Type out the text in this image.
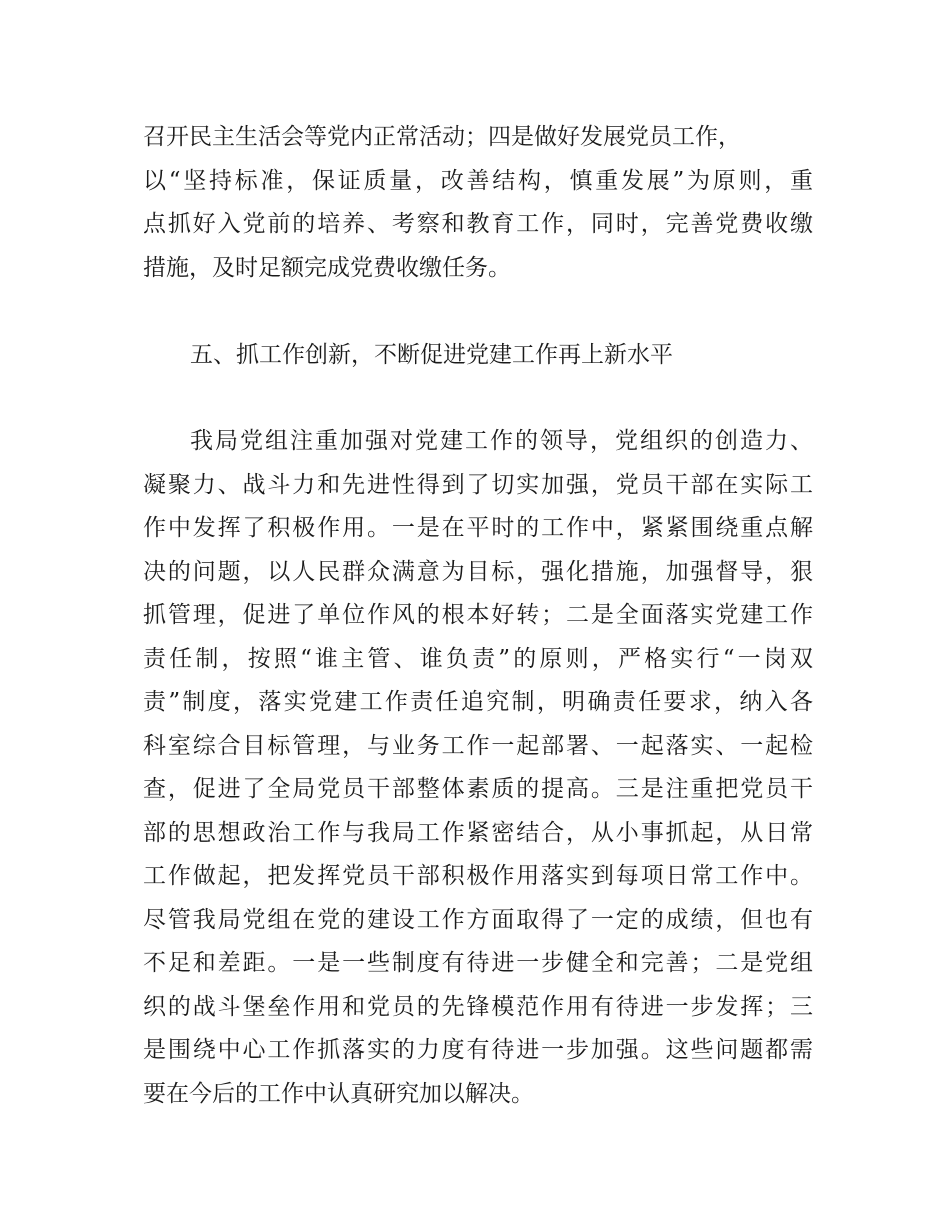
召开民主生活会等党内正常活动；四是做好发展党员工作，
以“坚持标准，保证质量，改善结构，慎重发展”为原则，重
点抓好入党前的培养、考察和教育工作，同时，完善党费收缴
措施，及时足额完成党费收缴任务。
五、抓工作创新，不断促进党建工作再上新水平
我局党组注重加强对党建工作的领导，党组织的创造力、
凝聚力、战斗力和先进性得到了切实加强，党员干部在实际工
作中发挥了积极作用。一是在平时的工作中，紧紧围绕重点解
决的问题，以人民群众满意为目标，强化措施，加强督导，狠
抓管理，促进了单位作风的根本好转；二是全面落实党建工作
责任制，按照“谁主管、谁负责”的原则，严格实行“一岗双
责”制度，落实党建工作责任追究制，明确责任要求，纳入各
科室综合目标管理，与业务工作一起部署、一起落实、一起检
查，促进了全局党员干部整体素质的提高。三是注重把党员干
部的思想政治工作与我局工作紧密结合，从小事抓起，从日常
工作做起，把发挥党员干部积极作用落实到每项日常工作中。
尽管我局党组在党的建设工作方面取得了一定的成绩，但也有
不足和差距。一是一些制度有待进一步健全和完善；二是党组
织的战斗堡垒作用和党员的先锋模范作用有待进一步发挥；三
是围绕中心工作抓落实的力度有待进一步加强。这些问题都需
要在今后的工作中认真研究加以解决。
